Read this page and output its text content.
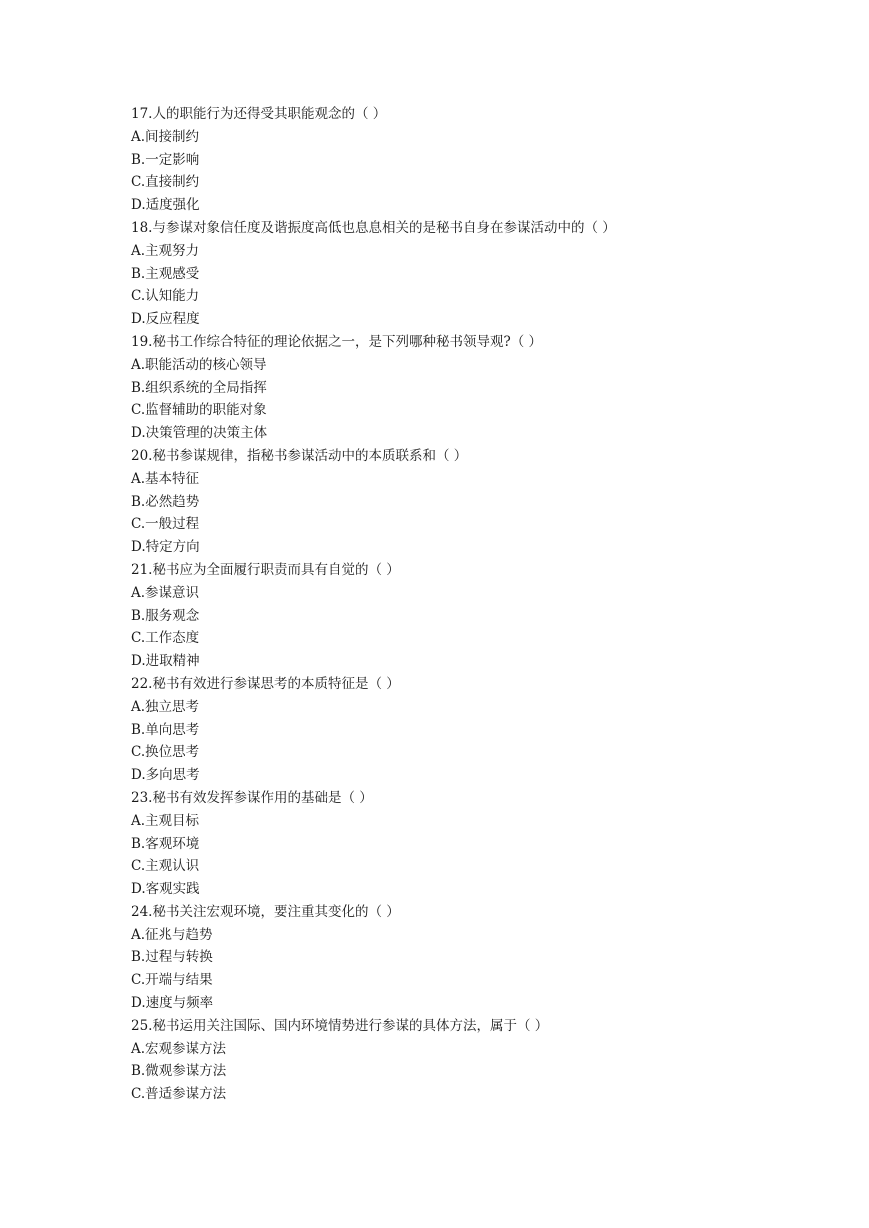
17.人的职能行为还得受其职能观念的（ ）
A.间接制约
B.一定影响
C.直接制约
D.适度强化
18.与参谋对象信任度及谐振度高低也息息相关的是秘书自身在参谋活动中的（ ）
A.主观努力
B.主观感受
C.认知能力
D.反应程度
19.秘书工作综合特征的理论依据之一，是下列哪种秘书领导观?（ ）
A.职能活动的核心领导
B.组织系统的全局指挥
C.监督辅助的职能对象
D.决策管理的决策主体
20.秘书参谋规律，指秘书参谋活动中的本质联系和（ ）
A.基本特征
B.必然趋势
C.一般过程
D.特定方向
21.秘书应为全面履行职责而具有自觉的（ ）
A.参谋意识
B.服务观念
C.工作态度
D.进取精神
22.秘书有效进行参谋思考的本质特征是（ ）
A.独立思考
B.单向思考
C.换位思考
D.多向思考
23.秘书有效发挥参谋作用的基础是（ ）
A.主观目标
B.客观环境
C.主观认识
D.客观实践
24.秘书关注宏观环境，要注重其变化的（ ）
A.征兆与趋势
B.过程与转换
C.开端与结果
D.速度与频率
25.秘书运用关注国际、国内环境情势进行参谋的具体方法，属于（ ）
A.宏观参谋方法
B.微观参谋方法
C.普适参谋方法
